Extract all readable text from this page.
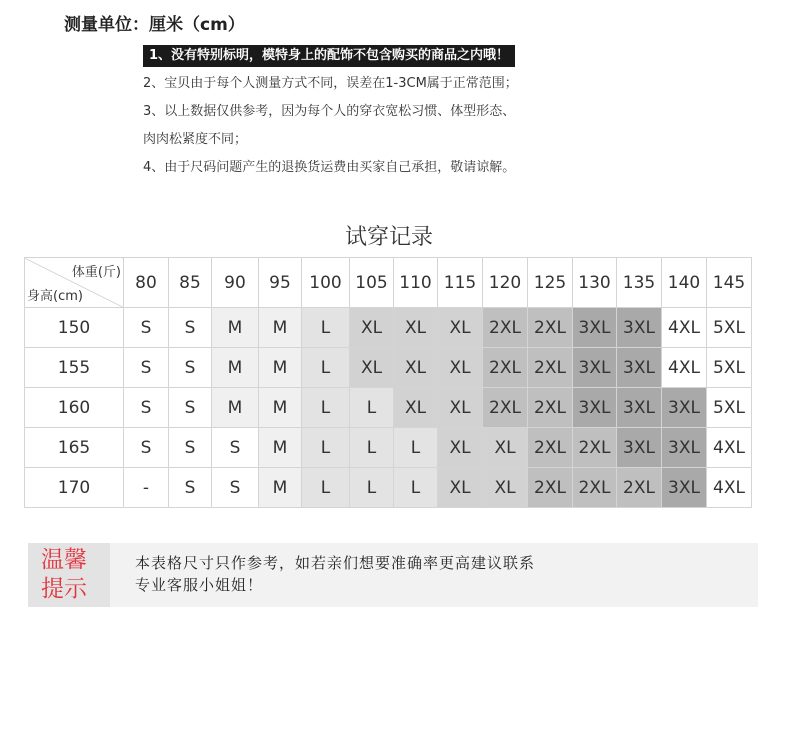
测量单位：厘米（cm）
1、没有特别标明，模特身上的配饰不包含购买的商品之内哦！
2、宝贝由于每个人测量方式不同，误差在1-3CM属于正常范围；
3、以上数据仅供参考，因为每个人的穿衣宽松习惯、体型形态、
肉肉松紧度不同；
4、由于尺码问题产生的退换货运费由买家自己承担，敬请谅解。
试穿记录
体重(斤)
身高(cm)	80	85	90	95	100	105	110	115	120	125	130	135	140	145
150	S	S	M	M	L	XL	XL	XL	2XL	2XL	3XL	3XL	4XL	5XL
155	S	S	M	M	L	XL	XL	XL	2XL	2XL	3XL	3XL	4XL	5XL
160	S	S	M	M	L	L	XL	XL	2XL	2XL	3XL	3XL	3XL	5XL
165	S	S	S	M	L	L	L	XL	XL	2XL	2XL	3XL	3XL	4XL
170	-	S	S	M	L	L	L	XL	XL	2XL	2XL	2XL	3XL	4XL
温馨
提示
本表格尺寸只作参考，如若亲们想要准确率更高建议联系
专业客服小姐姐！
